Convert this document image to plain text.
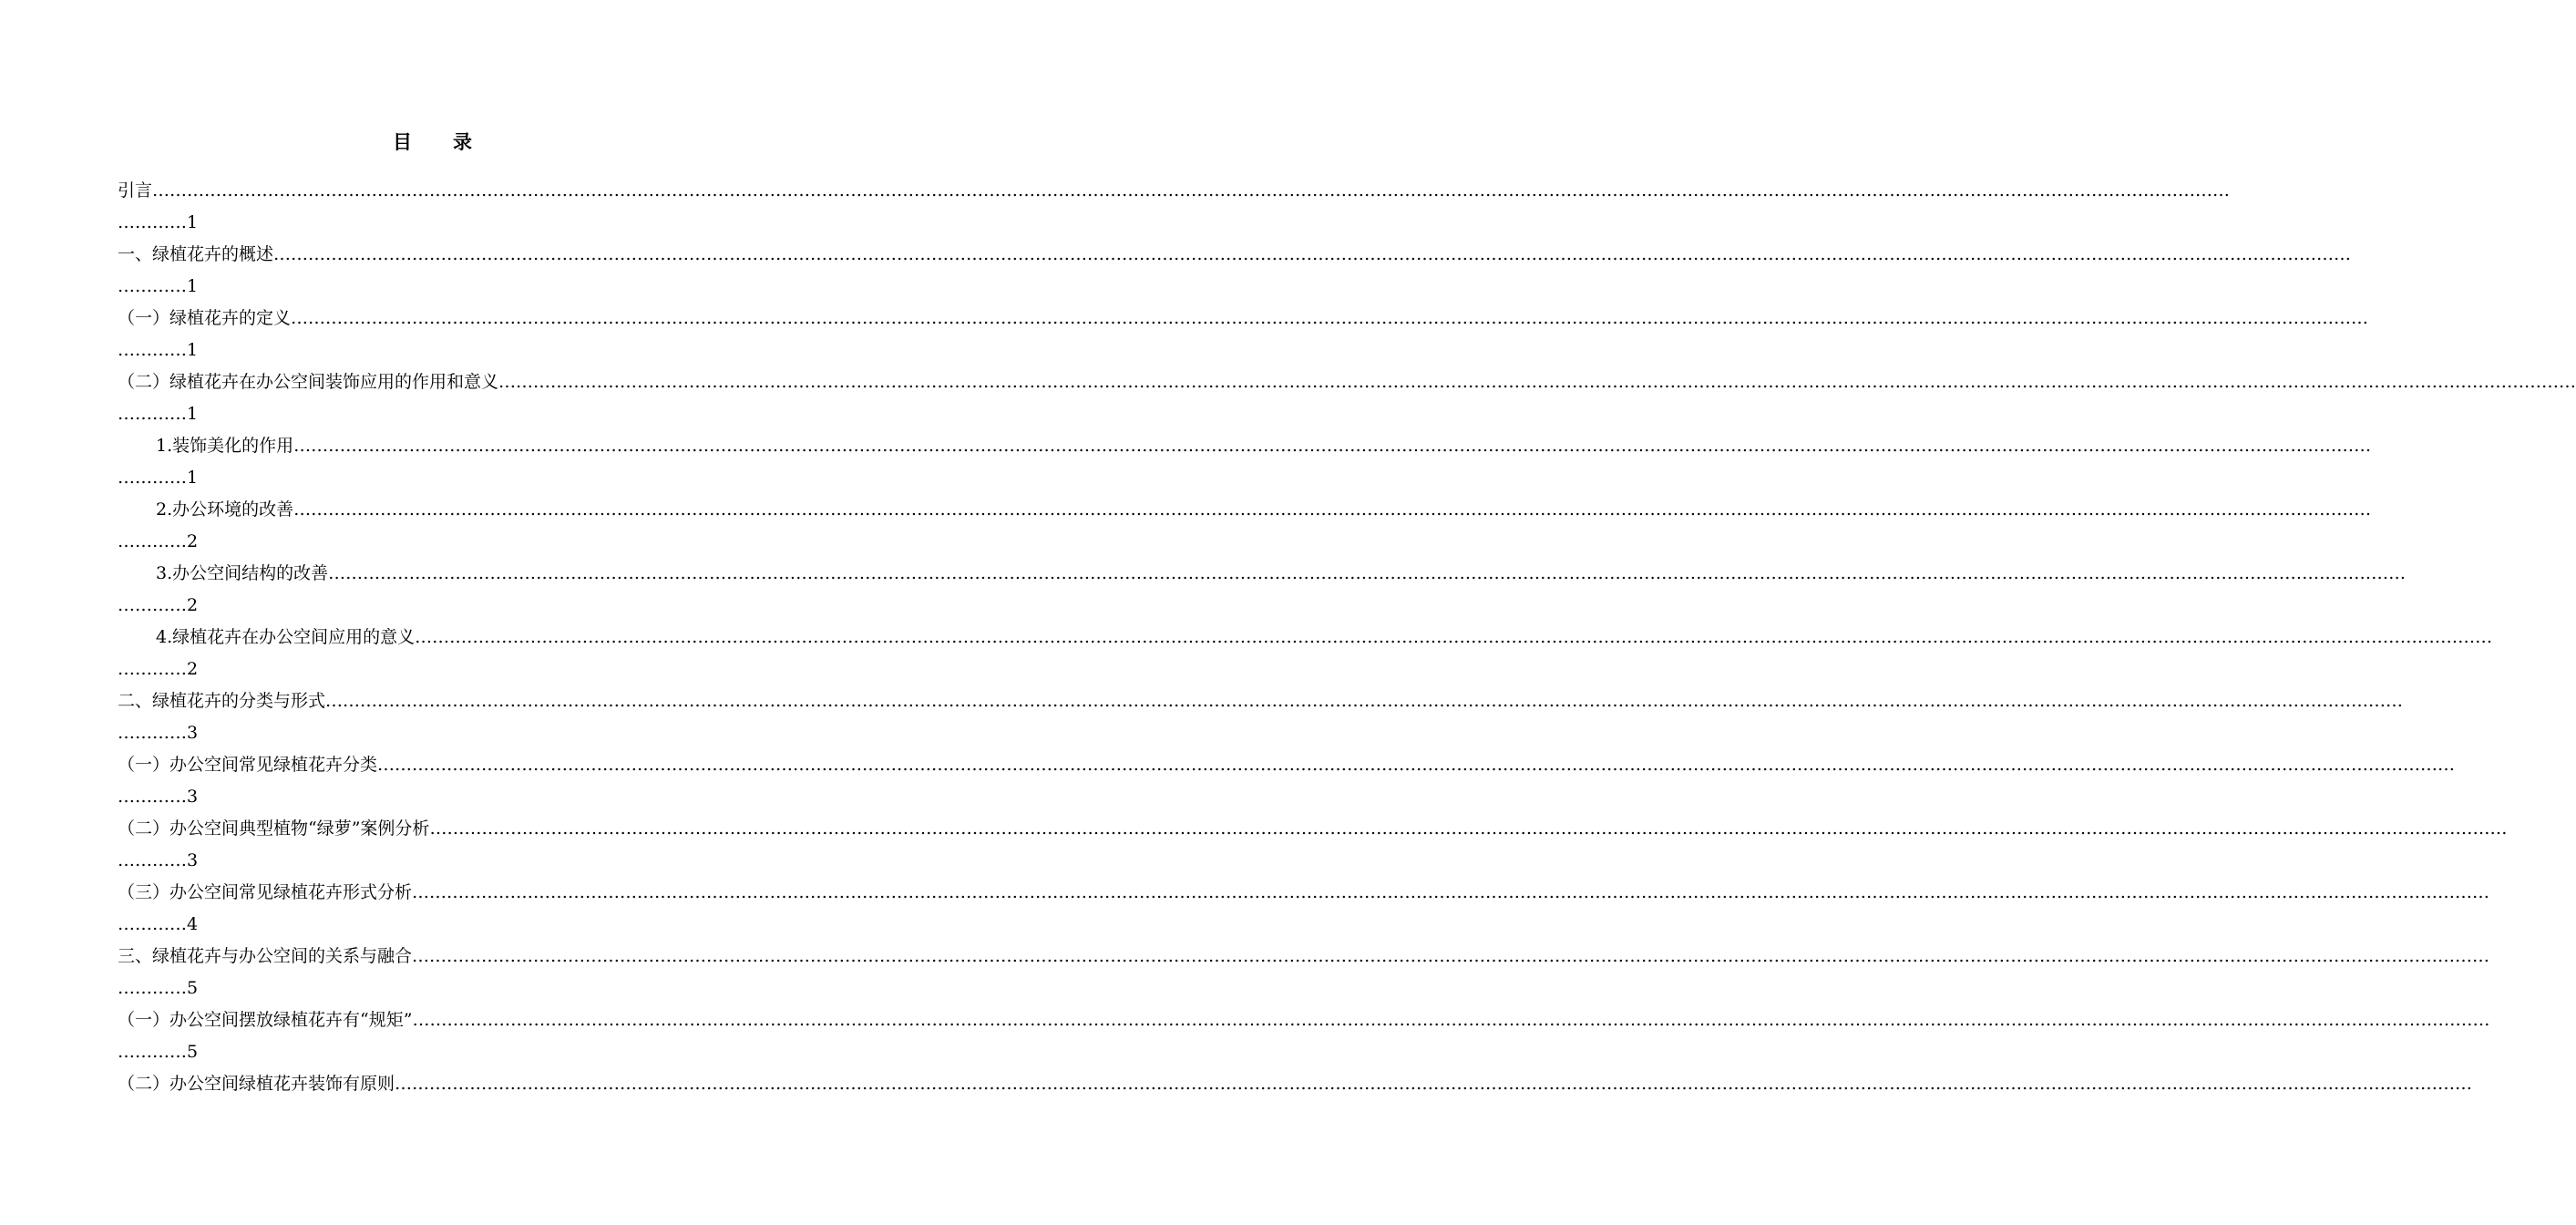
目 录
引言………………………………………………………………………………………………………………………………………………………………………………………………………………………………………………………………………………………………………………………………
…………1
一、绿植花卉的概述………………………………………………………………………………………………………………………………………………………………………………………………………………………………………………………………………………………………………………………………
…………1
（一）绿植花卉的定义………………………………………………………………………………………………………………………………………………………………………………………………………………………………………………………………………………………………………………………………
…………1
（二）绿植花卉在办公空间装饰应用的作用和意义………………………………………………………………………………………………………………………………………………………………………………………………………………………………………………………………………………………………………………………………
…………1
1.装饰美化的作用………………………………………………………………………………………………………………………………………………………………………………………………………………………………………………………………………………………………………………………………
…………1
2.办公环境的改善………………………………………………………………………………………………………………………………………………………………………………………………………………………………………………………………………………………………………………………………
…………2
3.办公空间结构的改善………………………………………………………………………………………………………………………………………………………………………………………………………………………………………………………………………………………………………………………………
…………2
4.绿植花卉在办公空间应用的意义………………………………………………………………………………………………………………………………………………………………………………………………………………………………………………………………………………………………………………………………
…………2
二、绿植花卉的分类与形式………………………………………………………………………………………………………………………………………………………………………………………………………………………………………………………………………………………………………………………………
…………3
（一）办公空间常见绿植花卉分类………………………………………………………………………………………………………………………………………………………………………………………………………………………………………………………………………………………………………………………………
…………3
（二）办公空间典型植物“绿萝”案例分析………………………………………………………………………………………………………………………………………………………………………………………………………………………………………………………………………………………………………………………………
…………3
（三）办公空间常见绿植花卉形式分析………………………………………………………………………………………………………………………………………………………………………………………………………………………………………………………………………………………………………………………………
…………4
三、绿植花卉与办公空间的关系与融合………………………………………………………………………………………………………………………………………………………………………………………………………………………………………………………………………………………………………………………………
…………5
（一）办公空间摆放绿植花卉有“规矩”………………………………………………………………………………………………………………………………………………………………………………………………………………………………………………………………………………………………………………………………
…………5
（二）办公空间绿植花卉装饰有原则………………………………………………………………………………………………………………………………………………………………………………………………………………………………………………………………………………………………………………………………
